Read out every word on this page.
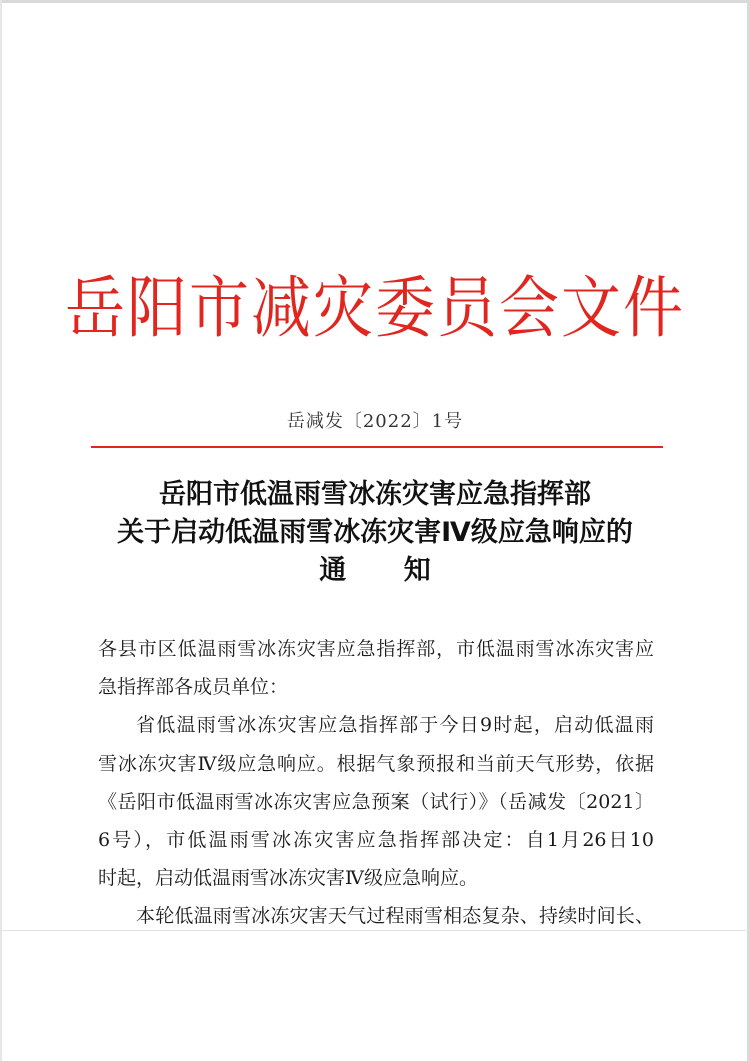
岳阳市减灾委员会文件
岳减发〔2022〕1号
岳阳市低温雨雪冰冻灾害应急指挥部
关于启动低温雨雪冰冻灾害Ⅳ级应急响应的
通 知
各县市区低温雨雪冰冻灾害应急指挥部，市低温雨雪冰冻灾害应
急指挥部各成员单位：
省低温雨雪冰冻灾害应急指挥部于今日9时起，启动低温雨
雪冰冻灾害Ⅳ级应急响应。根据气象预报和当前天气形势，依据
《岳阳市低温雨雪冰冻灾害应急预案（试行）》（岳减发〔2021〕
6号），市低温雨雪冰冻灾害应急指挥部决定：自1月26日10
时起，启动低温雨雪冰冻灾害Ⅳ级应急响应。
本轮低温雨雪冰冻灾害天气过程雨雪相态复杂、持续时间长、
